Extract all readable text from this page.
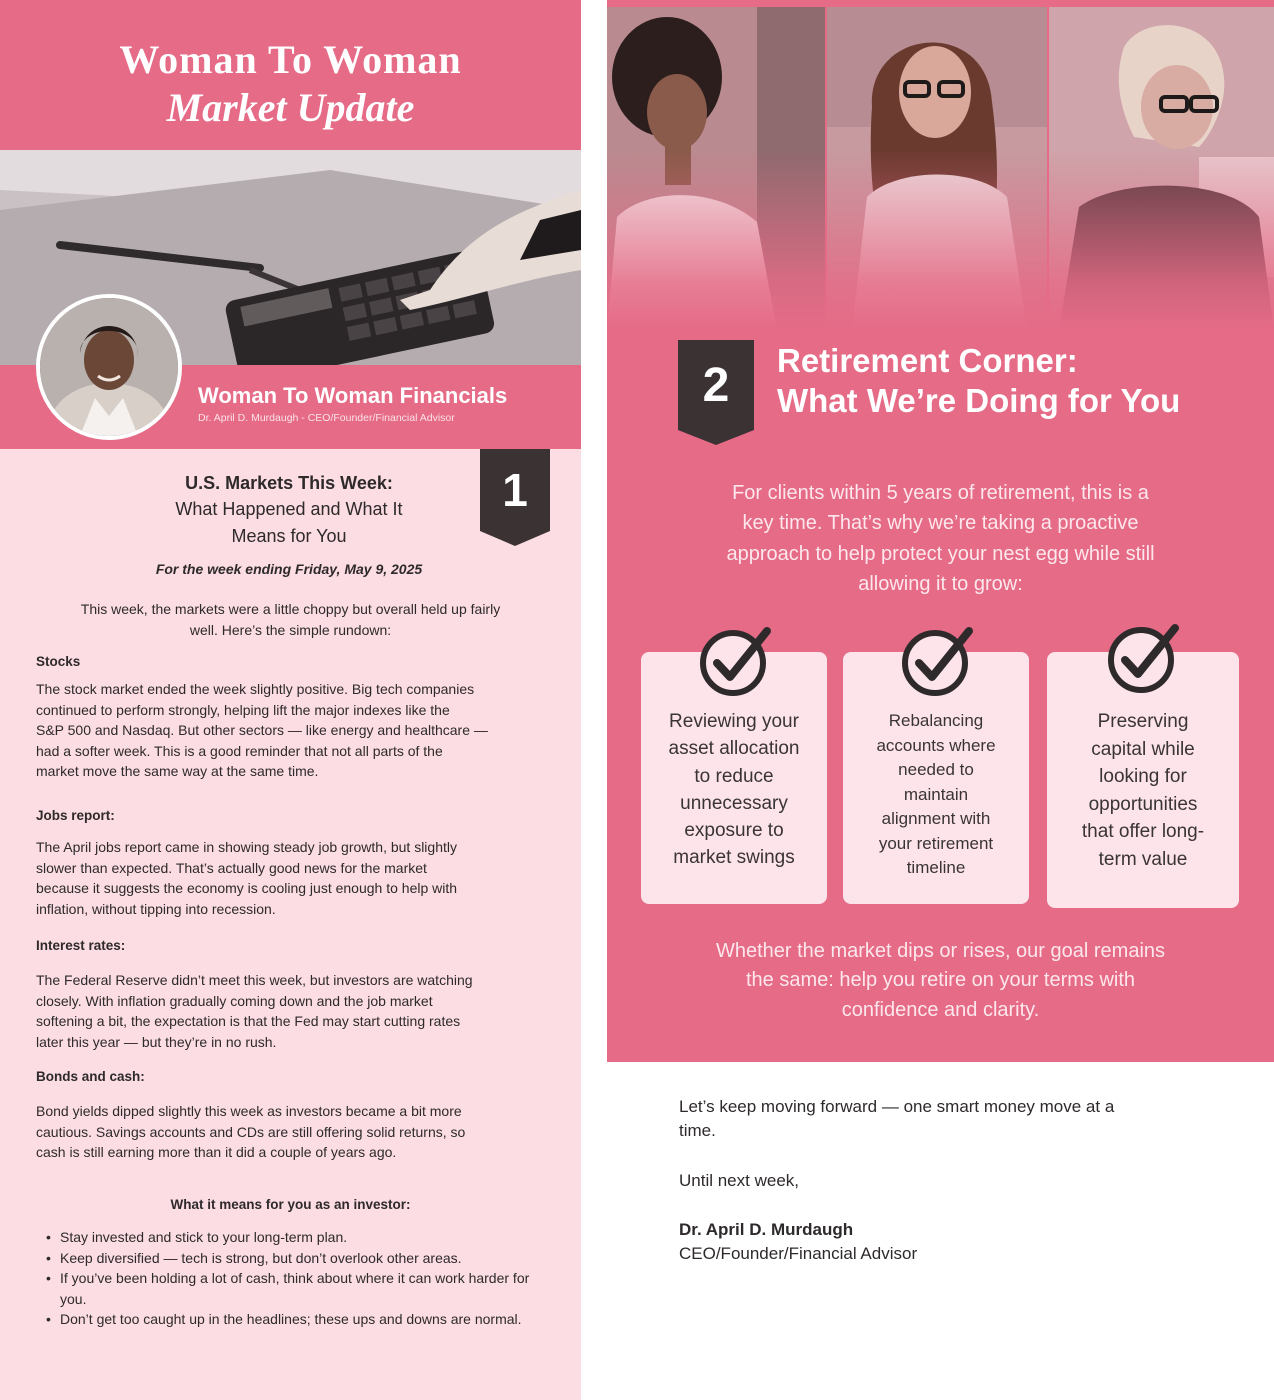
Woman To Woman
Market Update
Woman To Woman Financials
Dr. April D. Murdaugh - CEO/Founder/Financial Advisor
1
U.S. Markets This Week:
What Happened and What It
Means for You
For the week ending Friday, May 9, 2025
This week, the markets were a little choppy but overall held up fairly
well. Here’s the simple rundown:
Stocks
The stock market ended the week slightly positive. Big tech companies
continued to perform strongly, helping lift the major indexes like the
S&P 500 and Nasdaq. But other sectors — like energy and healthcare —
had a softer week. This is a good reminder that not all parts of the
market move the same way at the same time.
Jobs report:
The April jobs report came in showing steady job growth, but slightly
slower than expected. That’s actually good news for the market
because it suggests the economy is cooling just enough to help with
inflation, without tipping into recession.
Interest rates:
The Federal Reserve didn’t meet this week, but investors are watching
closely. With inflation gradually coming down and the job market
softening a bit, the expectation is that the Fed may start cutting rates
later this year — but they’re in no rush.
Bonds and cash:
Bond yields dipped slightly this week as investors became a bit more
cautious. Savings accounts and CDs are still offering solid returns, so
cash is still earning more than it did a couple of years ago.
What it means for you as an investor:
• Stay invested and stick to your long-term plan.
• Keep diversified — tech is strong, but don’t overlook other areas.
• If you’ve been holding a lot of cash, think about where it can work harder for you.
• Don’t get too caught up in the headlines; these ups and downs are normal.
2	Retirement Corner:
What We’re Doing for You
For clients within 5 years of retirement, this is a
key time. That’s why we’re taking a proactive
approach to help protect your nest egg while still
allowing it to grow:
Reviewing your
asset allocation
to reduce
unnecessary
exposure to
market swings
Rebalancing
accounts where
needed to
maintain
alignment with
your retirement
timeline
Preserving
capital while
looking for
opportunities
that offer long-
term value
Whether the market dips or rises, our goal remains
the same: help you retire on your terms with
confidence and clarity.
Let’s keep moving forward — one smart money move at a
time.
Until next week,
Dr. April D. Murdaugh
CEO/Founder/Financial Advisor
